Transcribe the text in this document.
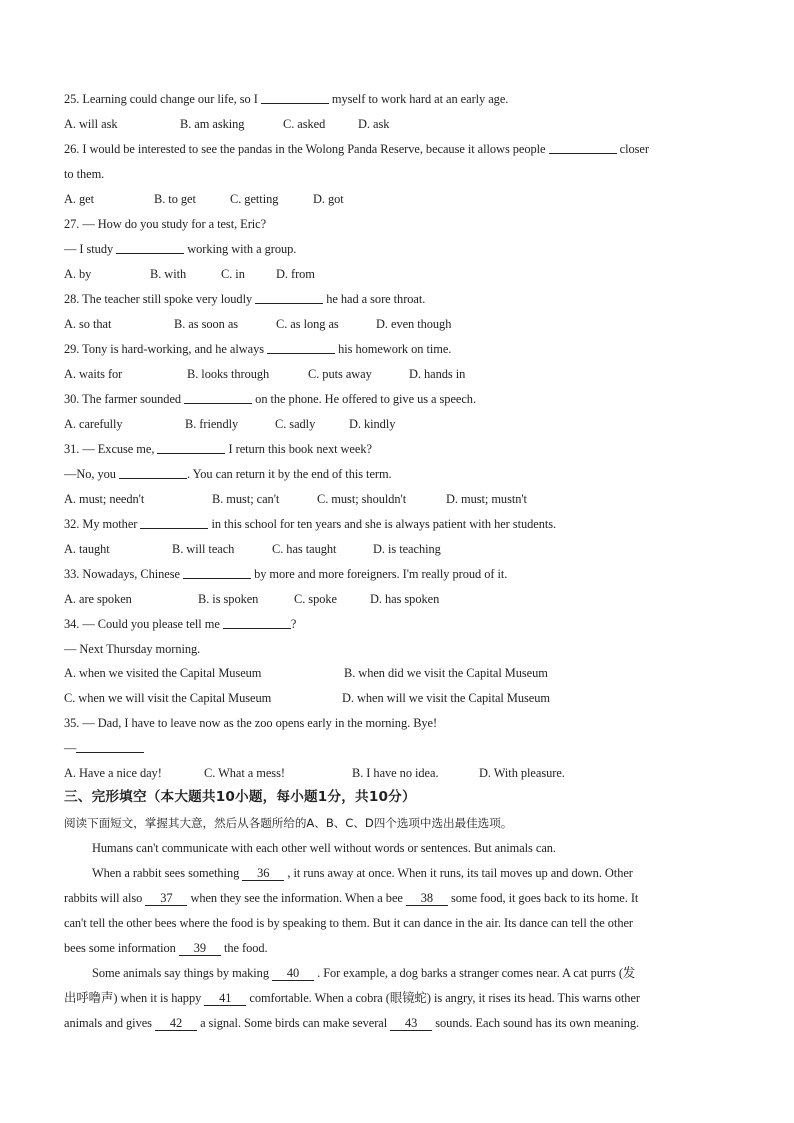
25. Learning could change our life, so I	myself to work hard at an early age.
A. will ask	B. am asking	C. asked	D. ask
26. I would be interested to see the pandas in the Wolong Panda Reserve, because it allows people	closer
to them.
A. get	B. to get	C. getting	D. got
27. — How do you study for a test, Eric?
— I study	working with a group.
A. by	B. with	C. in	D. from
28. The teacher still spoke very loudly	he had a sore throat.
A. so that	B. as soon as	C. as long as	D. even though
29. Tony is hard-working, and he always	his homework on time.
A. waits for	B. looks through	C. puts away	D. hands in
30. The farmer sounded	on the phone. He offered to give us a speech.
A. carefully	B. friendly	C. sadly	D. kindly
31. — Excuse me,	I return this book next week?
—No, you	. You can return it by the end of this term.
A. must; needn't	B. must; can't	C. must; shouldn't	D. must; mustn't
32. My mother	in this school for ten years and she is always patient with her students.
A. taught	B. will teach	C. has taught	D. is teaching
33. Nowadays, Chinese	by more and more foreigners. I'm really proud of it.
A. are spoken	B. is spoken	C. spoke	D. has spoken
34. — Could you please tell me	?
— Next Thursday morning.
A. when we visited the Capital Museum	B. when did we visit the Capital Museum
C. when we will visit the Capital Museum	D. when will we visit the Capital Museum
35. — Dad, I have to leave now as the zoo opens early in the morning. Bye!
—
A. Have a nice day!	C. What a mess!	B. I have no idea.	D. With pleasure.
三、完形填空（本大题共10小题，每小题1分，共10分）
阅读下面短文，掌握其大意，然后从各题所给的A、B、C、D四个选项中选出最佳选项。
Humans can't communicate with each other well without words or sentences. But animals can.
When a rabbit sees something 36 , it runs away at once. When it runs, its tail moves up and down. Other
rabbits will also 37 when they see the information. When a bee 38 some food, it goes back to its home. It
can't tell the other bees where the food is by speaking to them. But it can dance in the air. Its dance can tell the other
bees some information 39 the food.
Some animals say things by making 40 . For example, a dog barks a stranger comes near. A cat purrs (发
出呼噜声) when it is happy 41 comfortable. When a cobra (眼镜蛇) is angry, it rises its head. This warns other
animals and gives 42 a signal. Some birds can make several 43 sounds. Each sound has its own meaning.
